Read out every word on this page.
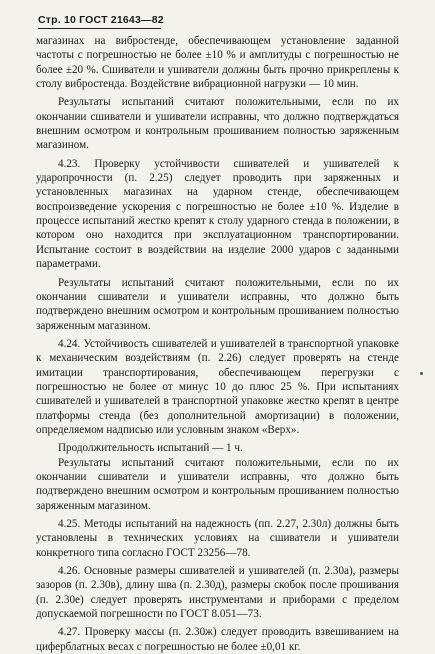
Стр. 10 ГОСТ 21643—82

магазинах на вибростенде, обеспечивающем установление заданной частоты с погрешностью не более ±10 % и амплитуды с погрешностью не более ±20 %. Сшиватели и ушиватели должны быть прочно прикреплены к столу вибростенда. Воздействие вибрационной нагрузки — 10 мин.

Результаты испытаний считают положительными, если по их окончании сшиватели и ушиватели исправны, что должно подтверждаться внешним осмотром и контрольным прошиванием полностью заряженным магазином.

4.23. Проверку устойчивости сшивателей и ушивателей к ударопрочности (п. 2.25) следует проводить при заряженных и установленных магазинах на ударном стенде, обеспечивающем воспроизведение ускорения с погрешностью не более ±10 %. Изделие в процессе испытаний жестко крепят к столу ударного стенда в положении, в котором оно находится при эксплуатационном транспортировании. Испытание состоит в воздействии на изделие 2000 ударов с заданными параметрами.

Результаты испытаний считают положительными, если по их окончании сшиватели и ушиватели исправны, что должно быть подтверждено внешним осмотром и контрольным прошиванием полностью заряженным магазином.

4.24. Устойчивость сшивателей и ушивателей в транспортной упаковке к механическим воздействиям (п. 2.26) следует проверять на стенде имитации транспортирования, обеспечивающем перегрузки с погрешностью не более от минус 10 до плюс 25 %. При испытаниях сшивателей и ушивателей в транспортной упаковке жестко крепят в центре платформы стенда (без дополнительной амортизации) в положении, определяемом надписью или условным знаком «Верх».

Продолжительность испытаний — 1 ч.

Результаты испытаний считают положительными, если по их окончании сшиватели и ушиватели исправны, что должно быть подтверждено внешним осмотром и контрольным прошиванием полностью заряженным магазином.

4.25. Методы испытаний на надежность (пп. 2.27, 2.30л) должны быть установлены в технических условиях на сшиватели и ушиватели конкретного типа согласно ГОСТ 23256—78.

4.26. Основные размеры сшивателей и ушивателей (п. 2.30а), размеры зазоров (п. 2.30в), длину шва (п. 2.30д), размеры скобок после прошивания (п. 2.30е) следует проверять инструментами и приборами с пределом допускаемой погрешности по ГОСТ 8.051—73.

4.27. Проверку массы (п. 2.30ж) следует проводить взвешиванием на циферблатных весах с погрешностью не более ±0,01 кг.
